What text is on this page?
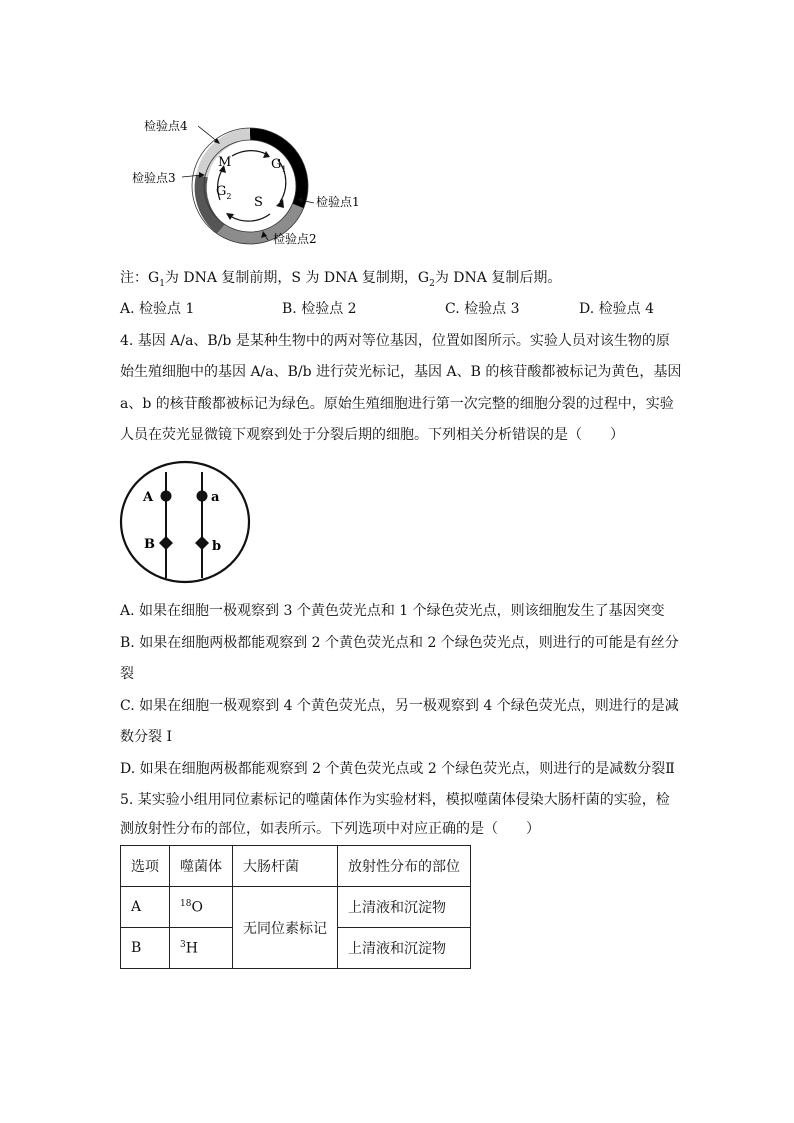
M	$G_1$
$G_2$ S
检验点4
检验点3
检验点1
检验点2
注：$G_1$为 DNA 复制前期，S 为 DNA 复制期，$G_2$为 DNA 复制后期。
A. 检验点 1	B. 检验点 2	C. 检验点 3	D. 检验点 4
4. 基因 A/a、B/b 是某种生物中的两对等位基因，位置如图所示。实验人员对该生物的原
始生殖细胞中的基因 A/a、B/b 进行荧光标记，基因 A、B 的核苷酸都被标记为黄色，基因
a、b 的核苷酸都被标记为绿色。原始生殖细胞进行第一次完整的细胞分裂的过程中，实验
人员在荧光显微镜下观察到处于分裂后期的细胞。下列相关分析错误的是（　　）
A	a
B	b
A. 如果在细胞一极观察到 3 个黄色荧光点和 1 个绿色荧光点，则该细胞发生了基因突变
B. 如果在细胞两极都能观察到 2 个黄色荧光点和 2 个绿色荧光点，则进行的可能是有丝分
裂
C. 如果在细胞一极观察到 4 个黄色荧光点，另一极观察到 4 个绿色荧光点，则进行的是减
数分裂 I
D. 如果在细胞两极都能观察到 2 个黄色荧光点或 2 个绿色荧光点，则进行的是减数分裂Ⅱ
5. 某实验小组用同位素标记的噬菌体作为实验材料，模拟噬菌体侵染大肠杆菌的实验，检
测放射性分布的部位，如表所示。下列选项中对应正确的是（　　）
选项	噬菌体	大肠杆菌	放射性分布的部位
A	$^{18}$O	无同位素标记	上清液和沉淀物
B	$^3$H		上清液和沉淀物
